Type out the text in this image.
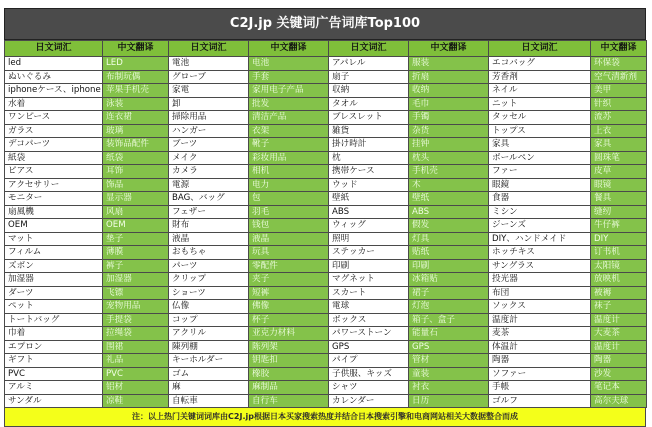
C2J.jp 关键词广告词库Top100
日文词汇	中文翻译	日文词汇	中文翻译	日文词汇	中文翻译	日文词汇	中文翻译
led	LED	電池	电池	アパレル	服装	エコバッグ	环保袋
ぬいぐるみ	布制玩偶	グローブ	手套	扇子	折扇	芳香剤	空气清新剂
iphoneケース、iphone	苹果手机壳	家電	家用电子产品	収納	收纳	ネイル	美甲
水着	泳装	卸	批发	タオル	毛巾	ニット	针织
ワンピース	连衣裙	掃除用品	清洁产品	ブレスレット	手镯	タッセル	流苏
ガラス	玻璃	ハンガー	衣架	雑貨	杂货	トップス	上衣
デコパーツ	装饰品配件	ブーツ	靴子	掛け時計	挂钟	家具	家具
紙袋	纸袋	メイク	彩妆用品	枕	枕头	ボールペン	圆珠笔
ピアス	耳饰	カメラ	相机	携帯ケース	手机壳	ファー	皮草
アクセサリー	饰品	電源	电力	ウッド	木	眼鏡	眼镜
モニター	显示器	BAG、バッグ	包	壁紙	壁纸	食器	餐具
扇風機	风扇	フェザー	羽毛	ABS	ABS	ミシン	缝纫
OEM	OEM	財布	钱包	ウィッグ	假发	ジーンズ	牛仔裤
マット	垫子	液晶	液晶	照明	灯具	DIY、ハンドメイド	DIY
フィルム	薄膜	おもちゃ	玩具	ステッカー	贴纸	ホッチキス	订书机
ズボン	裤子	パーツ	零配件	印刷	印刷	サングラス	太阳镜
加湿器	加湿器	クリップ	夹子	マグネット	冰箱贴	投光器	放映机
ダーツ	飞镖	ショーツ	短裤	スカート	裙子	布団	被褥
ペット	宠物用品	仏像	佛像	電球	灯泡	ソックス	袜子
トートバッグ	手提袋	コップ	杯子	ボックス	箱子、盒子	温度計	温度计
巾着	拉绳袋	アクリル	亚克力材料	パワーストーン	能量石	麦茶	大麦茶
エプロン	围裙	陳列棚	陈列架	GPS	GPS	体温計	温度计
ギフト	礼品	キーホルダー	钥匙扣	パイプ	管材	陶器	陶器
PVC	PVC	ゴム	橡胶	子供服、キッズ	童装	ソファー	沙发
アルミ	铝材	麻	麻制品	シャツ	衬衣	手帳	笔记本
サンダル	凉鞋	自転車	自行车	カレンダー	日历	ゴルフ	高尔夫球
注：以上热门关键词词库由C2J.jp根据日本买家搜索热度并结合日本搜索引擎和电商网站相关大数据整合而成
